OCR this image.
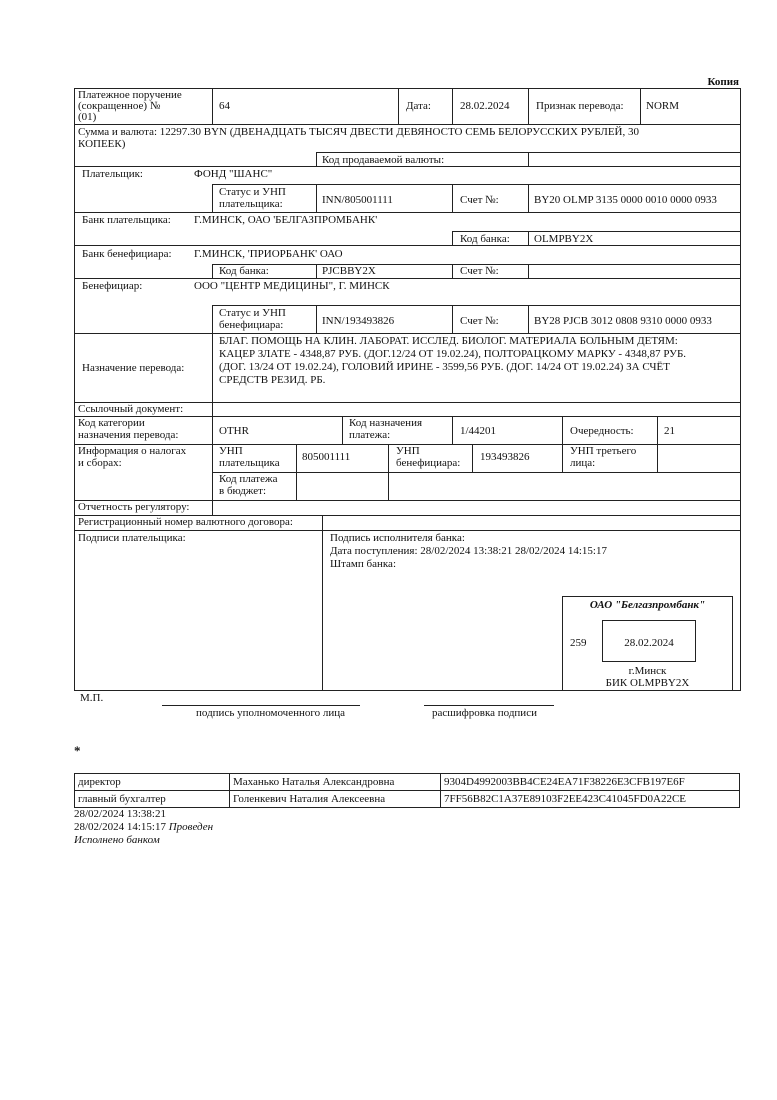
Копия
Платежное поручение
(сокращенное) №
(01)
64	Дата:	28.02.2024 Признак перевода: NORM
Сумма и валюта: 12297.30 BYN (ДВЕНАДЦАТЬ ТЫСЯЧ ДВЕСТИ ДЕВЯНОСТО СЕМЬ БЕЛОРУССКИХ РУБЛЕЙ, 30
КОПЕЕК)
Код продаваемой валюты:
Плательщик:	ФОНД "ШАНС"
Статус и УНП
плательщика:	INN/805001111	Счет №:	BY20 OLMP 3135 0000 0010 0000 0933
Банк плательщика: Г.МИНСК, ОАО 'БЕЛГАЗПРОМБАНК'
Код банка: OLMPBY2X
Банк бенефициара: Г.МИНСК, 'ПРИОРБАНК' ОАО
Код банка:	PJCBBY2X	Счет №:
Бенефициар:	ООО "ЦЕНТР МЕДИЦИНЫ", Г. МИНСК
Статус и УНП
бенефициара:	INN/193493826	Счет №:	BY28 PJCB 3012 0808 9310 0000 0933
Назначение перевода:
БЛАГ. ПОМОЩЬ НА КЛИН. ЛАБОРАТ. ИССЛЕД. БИОЛОГ. МАТЕРИАЛА БОЛЬНЫМ ДЕТЯМ:
КАЦЕР ЗЛАТЕ - 4348,87 РУБ. (ДОГ.12/24 ОТ 19.02.24), ПОЛТОРАЦКОМУ МАРКУ - 4348,87 РУБ.
(ДОГ. 13/24 ОТ 19.02.24), ГОЛОВИЙ ИРИНЕ - 3599,56 РУБ. (ДОГ. 14/24 ОТ 19.02.24) ЗА СЧЁТ
СРЕДСТВ РЕЗИД. РБ.
Ссылочный документ:
Код категории
назначения перевода:	OTHR
Код назначения
платежа:	1/44201	Очередность:	21
Информация о налогах
и сборах:
УНП
плательщика 805001111	УНП
бенефициара: 193493826	УНП третьего
лица:
Код платежа
в бюджет:
Отчетность регулятору:
Регистрационный номер валютного договора:
Подписи плательщика:	Подпись исполнителя банка:
Дата поступления: 28/02/2024 13:38:21 28/02/2024 14:15:17
Штамп банка:
ОАО "Белгазпромбанк"
259	28.02.2024
г.Минск
БИК OLMPBY2X
М.П.
подпись уполномоченного лица	расшифровка подписи
*
директор	Маханько Наталья Александровна	9304D4992003BB4CE24EA71F38226E3CFB197E6F
главный бухгалтер	Голенкевич Наталия Алексеевна	7FF56B82C1A37E89103F2EE423C41045FD0A22CE
28/02/2024 13:38:21
28/02/2024 14:15:17 Проведен
Исполнено банком
